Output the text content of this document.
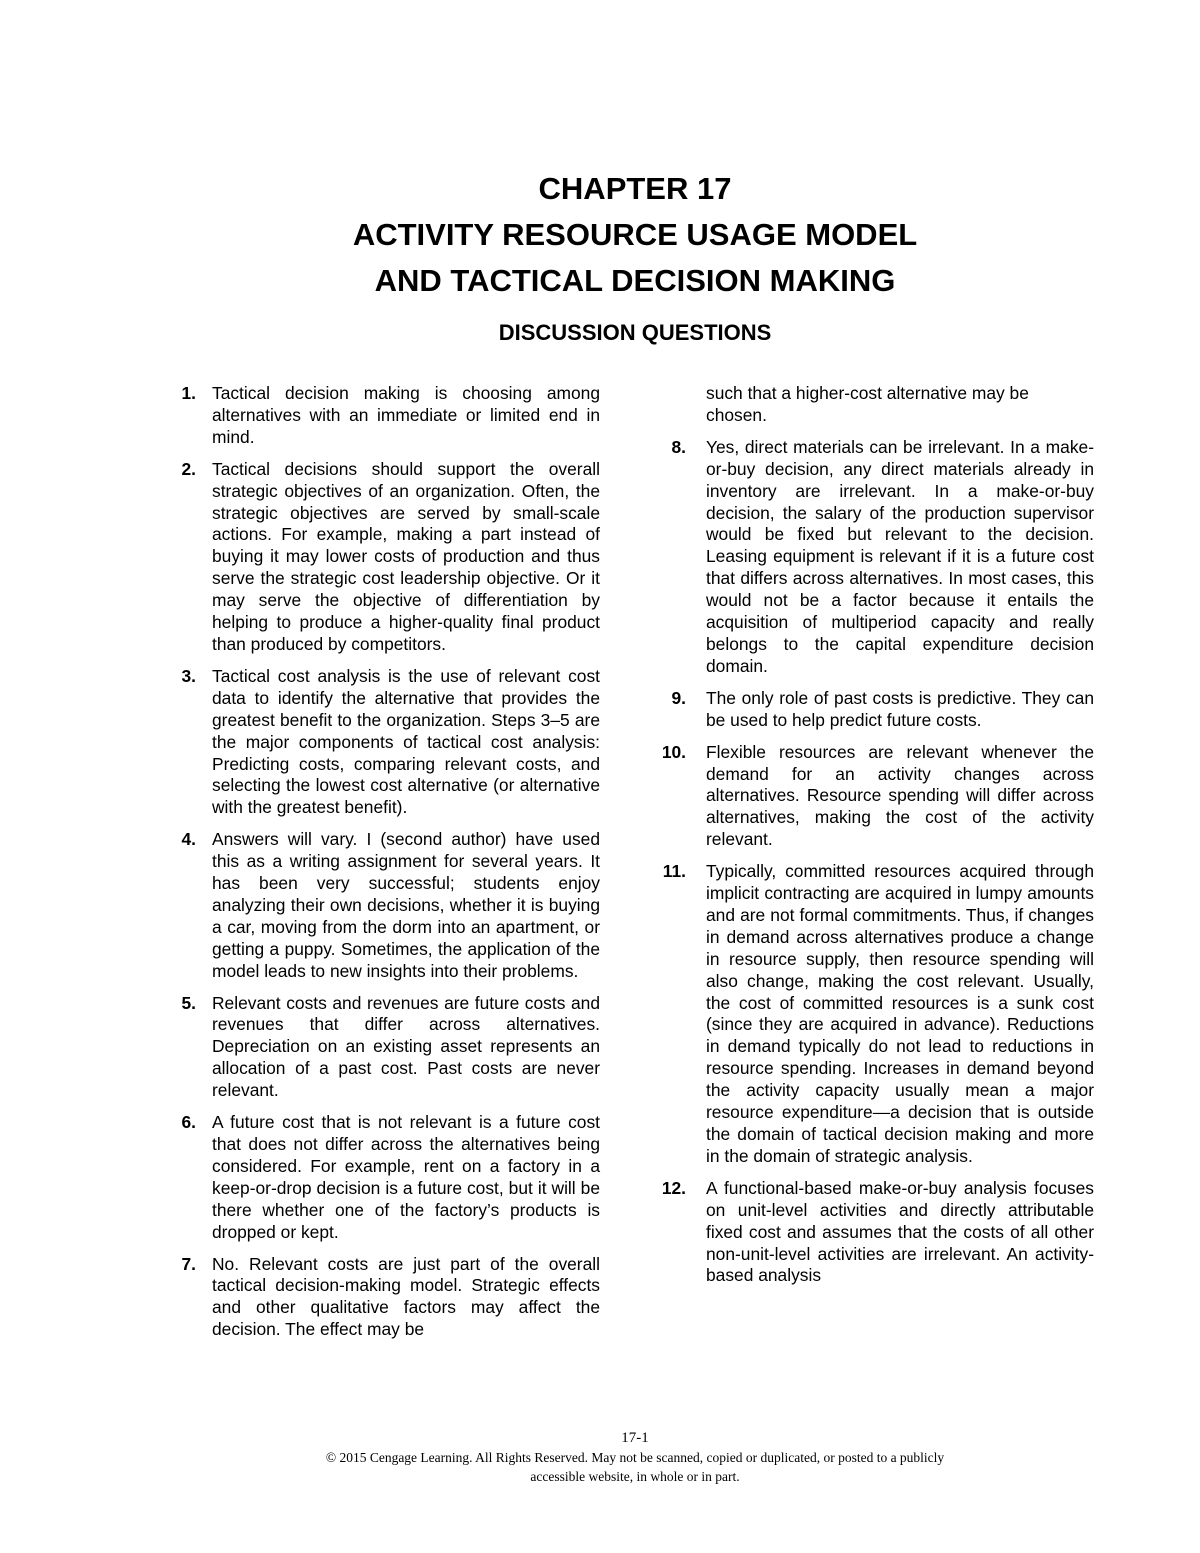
CHAPTER 17
ACTIVITY RESOURCE USAGE MODEL
AND TACTICAL DECISION MAKING
DISCUSSION QUESTIONS
1. Tactical decision making is choosing among alternatives with an immediate or limited end in mind.
2. Tactical decisions should support the overall strategic objectives of an organization. Often, the strategic objectives are served by small-scale actions. For example, making a part instead of buying it may lower costs of production and thus serve the strategic cost leadership objective. Or it may serve the objective of differentiation by helping to produce a higher-quality final product than produced by competitors.
3. Tactical cost analysis is the use of relevant cost data to identify the alternative that provides the greatest benefit to the organization. Steps 3–5 are the major components of tactical cost analysis: Predicting costs, comparing relevant costs, and selecting the lowest cost alternative (or alternative with the greatest benefit).
4. Answers will vary. I (second author) have used this as a writing assignment for several years. It has been very successful; students enjoy analyzing their own decisions, whether it is buying a car, moving from the dorm into an apartment, or getting a puppy. Sometimes, the application of the model leads to new insights into their problems.
5. Relevant costs and revenues are future costs and revenues that differ across alternatives. Depreciation on an existing asset represents an allocation of a past cost. Past costs are never relevant.
6. A future cost that is not relevant is a future cost that does not differ across the alternatives being considered. For example, rent on a factory in a keep-or-drop decision is a future cost, but it will be there whether one of the factory’s products is dropped or kept.
7. No. Relevant costs are just part of the overall tactical decision-making model. Strategic effects and other qualitative factors may affect the decision. The effect may be
such that a higher-cost alternative may be chosen.
8. Yes, direct materials can be irrelevant. In a make-or-buy decision, any direct materials already in inventory are irrelevant. In a make-or-buy decision, the salary of the production supervisor would be fixed but relevant to the decision. Leasing equipment is relevant if it is a future cost that differs across alternatives. In most cases, this would not be a factor because it entails the acquisition of multiperiod capacity and really belongs to the capital expenditure decision domain.
9. The only role of past costs is predictive. They can be used to help predict future costs.
10. Flexible resources are relevant whenever the demand for an activity changes across alternatives. Resource spending will differ across alternatives, making the cost of the activity relevant.
11. Typically, committed resources acquired through implicit contracting are acquired in lumpy amounts and are not formal commitments. Thus, if changes in demand across alternatives produce a change in resource supply, then resource spending will also change, making the cost relevant. Usually, the cost of committed resources is a sunk cost (since they are acquired in advance). Reductions in demand typically do not lead to reductions in resource spending. Increases in demand beyond the activity capacity usually mean a major resource expenditure—a decision that is outside the domain of tactical decision making and more in the domain of strategic analysis.
12. A functional-based make-or-buy analysis focuses on unit-level activities and directly attributable fixed cost and assumes that the costs of all other non-unit-level activities are irrelevant. An activity-based analysis
17-1
© 2015 Cengage Learning. All Rights Reserved. May not be scanned, copied or duplicated, or posted to a publicly
accessible website, in whole or in part.
